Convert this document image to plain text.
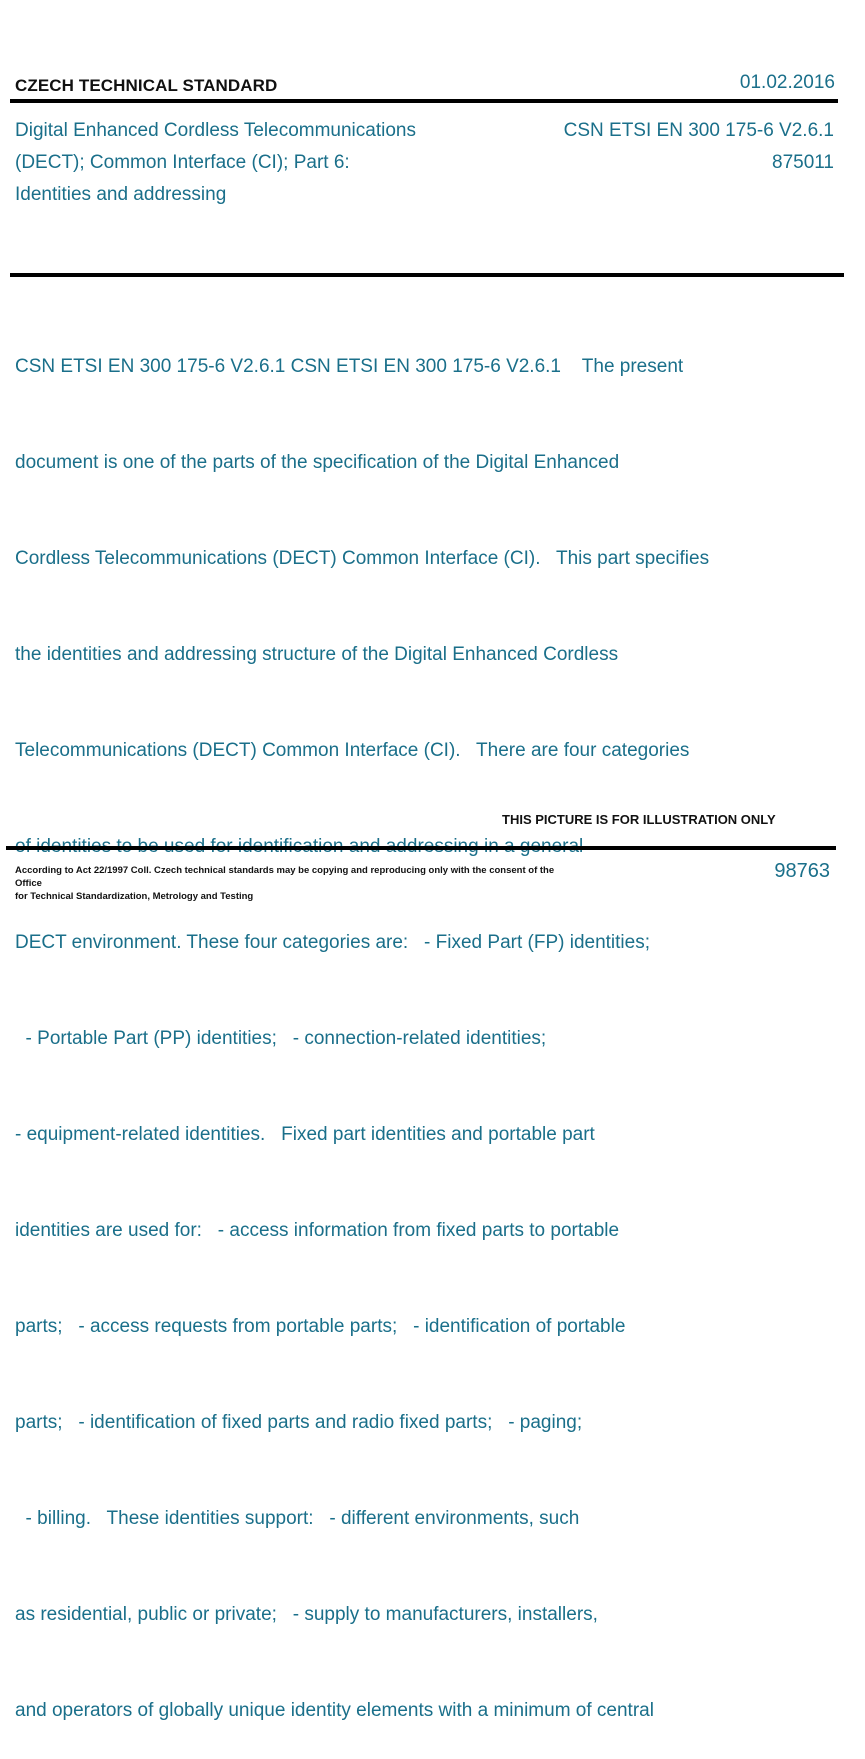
CZECH TECHNICAL STANDARD	01.02.2016
Digital Enhanced Cordless Telecommunications
(DECT); Common Interface (CI); Part 6:
Identities and addressing
CSN ETSI EN 300 175-6 V2.6.1
875011

CSN ETSI EN 300 175-6 V2.6.1 CSN ETSI EN 300 175-6 V2.6.1    The present

document is one of the parts of the specification of the Digital Enhanced

Cordless Telecommunications (DECT) Common Interface (CI).   This part specifies

the identities and addressing structure of the Digital Enhanced Cordless

Telecommunications (DECT) Common Interface (CI).   There are four categories

DECT environment. These four categories are:   - Fixed Part (FP) identities;

- Portable Part (PP) identities;   - connection-related identities;

- equipment-related identities.   Fixed part identities and portable part

identities are used for:   - access information from fixed parts to portable

parts;   - access requests from portable parts;   - identification of portable

parts;   - identification of fixed parts and radio fixed parts;   - paging;

- billing.   These identities support:   - different environments, such

as residential, public or private;   - supply to manufacturers, installers,

and operators of globally unique identity elements with a minimum of central

THIS PICTURE IS FOR ILLUSTRATION ONLY
According to Act 22/1997 Coll. Czech technical standards may be copying and reproducing only with the consent of the Office
for Technical Standardization, Metrology and Testing
98763
